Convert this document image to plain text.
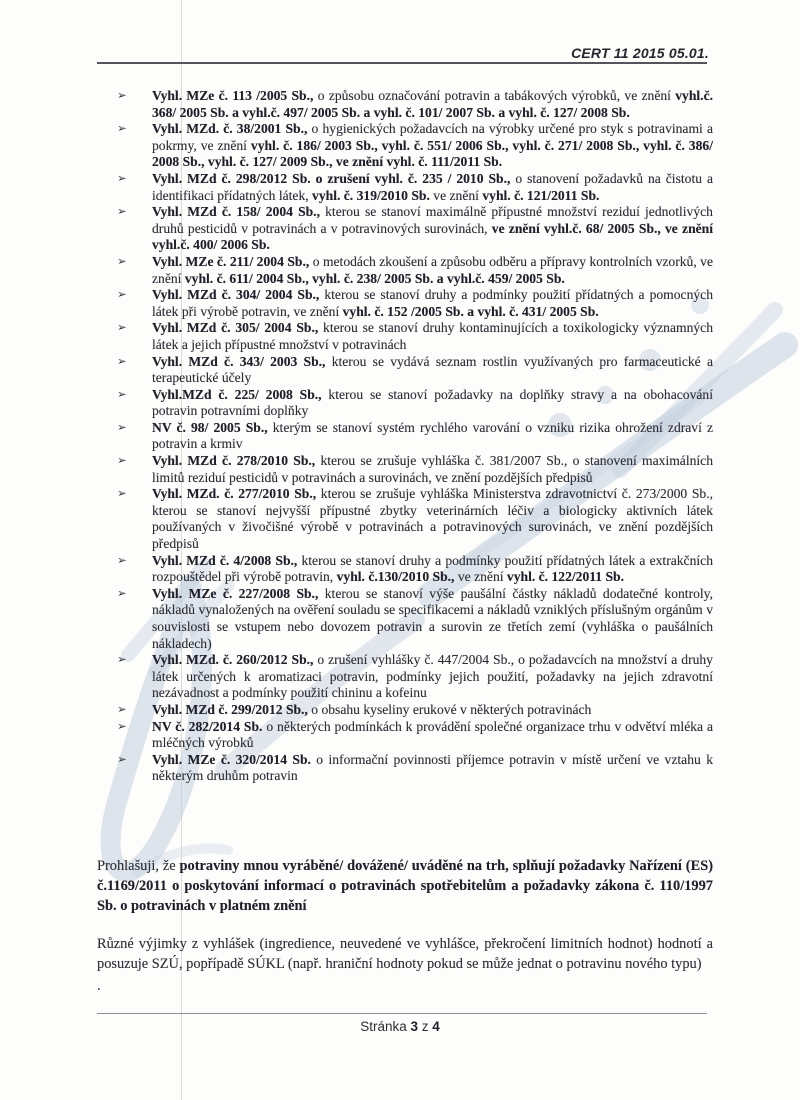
CERT 11 2015 05.01.
➢ Vyhl. MZe č. 113 /2005 Sb., o způsobu označování potravin a tabákových výrobků, ve znění vyhl.č. 368/ 2005 Sb. a vyhl.č. 497/ 2005 Sb. a vyhl. č. 101/ 2007 Sb. a vyhl. č. 127/ 2008 Sb.
➢ Vyhl. MZd. č. 38/2001 Sb., o hygienických požadavcích na výrobky určené pro styk s potravinami a pokrmy, ve znění vyhl. č. 186/ 2003 Sb., vyhl. č. 551/ 2006 Sb., vyhl. č. 271/ 2008 Sb., vyhl. č. 386/ 2008 Sb., vyhl. č. 127/ 2009 Sb., ve znění vyhl. č. 111/2011 Sb.
➢ Vyhl. MZd č. 298/2012 Sb. o zrušení vyhl. č. 235 / 2010 Sb., o stanovení požadavků na čistotu a identifikaci přídatných látek, vyhl. č. 319/2010 Sb. ve znění vyhl. č. 121/2011 Sb.
➢ Vyhl. MZd č. 158/ 2004 Sb., kterou se stanoví maximálně přípustné množství reziduí jednotlivých druhů pesticidů v potravinách a v potravinových surovinách, ve znění vyhl.č. 68/ 2005 Sb., ve znění vyhl.č. 400/ 2006 Sb.
➢ Vyhl. MZe č. 211/ 2004 Sb., o metodách zkoušení a způsobu odběru a přípravy kontrolních vzorků, ve znění vyhl. č. 611/ 2004 Sb., vyhl. č. 238/ 2005 Sb. a vyhl.č. 459/ 2005 Sb.
➢ Vyhl. MZd č. 304/ 2004 Sb., kterou se stanoví druhy a podmínky použití přídatných a pomocných látek při výrobě potravin, ve znění vyhl. č. 152 /2005 Sb. a vyhl. č. 431/ 2005 Sb.
➢ Vyhl. MZd č. 305/ 2004 Sb., kterou se stanoví druhy kontaminujících a toxikologicky významných látek a jejich přípustné množství v potravinách
➢ Vyhl. MZd č. 343/ 2003 Sb., kterou se vydává seznam rostlin využívaných pro farmaceutické a terapeutické účely
➢ Vyhl.MZd č. 225/ 2008 Sb., kterou se stanoví požadavky na doplňky stravy a na obohacování potravin potravními doplňky
➢ NV č. 98/ 2005 Sb., kterým se stanoví systém rychlého varování o vzniku rizika ohrožení zdraví z potravin a krmiv
➢ Vyhl. MZd č. 278/2010 Sb., kterou se zrušuje vyhláška č. 381/2007 Sb., o stanovení maximálních limitů reziduí pesticidů v potravinách a surovinách, ve znění pozdějších předpisů
➢ Vyhl. MZd. č. 277/2010 Sb., kterou se zrušuje vyhláška Ministerstva zdravotnictví č. 273/2000 Sb., kterou se stanoví nejvyšší přípustné zbytky veterinárních léčiv a biologicky aktivních látek používaných v živočišné výrobě v potravinách a potravinových surovinách, ve znění pozdějších předpisů
➢ Vyhl. MZd č. 4/2008 Sb., kterou se stanoví druhy a podmínky použití přídatných látek a extrakčních rozpouštědel při výrobě potravin, vyhl. č.130/2010 Sb., ve znění vyhl. č. 122/2011 Sb.
➢ Vyhl. MZe č. 227/2008 Sb., kterou se stanoví výše paušální částky nákladů dodatečné kontroly, nákladů vynaložených na ověření souladu se specifikacemi a nákladů vzniklých příslušným orgánům v souvislosti se vstupem nebo dovozem potravin a surovin ze třetích zemí (vyhláška o paušálních nákladech)
➢ Vyhl. MZd. č. 260/2012 Sb., o zrušení vyhlášky č. 447/2004 Sb., o požadavcích na množství a druhy látek určených k aromatizaci potravin, podmínky jejich použití, požadavky na jejich zdravotní nezávadnost a podmínky použití chininu a kofeinu
➢ Vyhl. MZd č. 299/2012 Sb., o obsahu kyseliny erukové v některých potravinách
➢ NV č. 282/2014 Sb. o některých podmínkách k provádění společné organizace trhu v odvětví mléka a mléčných výrobků
➢ Vyhl. MZe č. 320/2014 Sb. o informační povinnosti příjemce potravin v místě určení ve vztahu k některým druhům potravin
Prohlašuji, že potraviny mnou vyráběné/ dovážené/ uváděné na trh, splňují požadavky Nařízení (ES) č.1169/2011 o poskytování informací o potravinách spotřebitelům a požadavky zákona č. 110/1997 Sb. o potravinách v platném znění
Různé výjimky z vyhlášek (ingredience, neuvedené ve vyhlášce, překročení limitních hodnot) hodnotí a posuzuje SZÚ, popřípadě SÚKL (např. hraniční hodnoty pokud se může jednat o potravinu nového typu)
.
Stránka 3 z 4
